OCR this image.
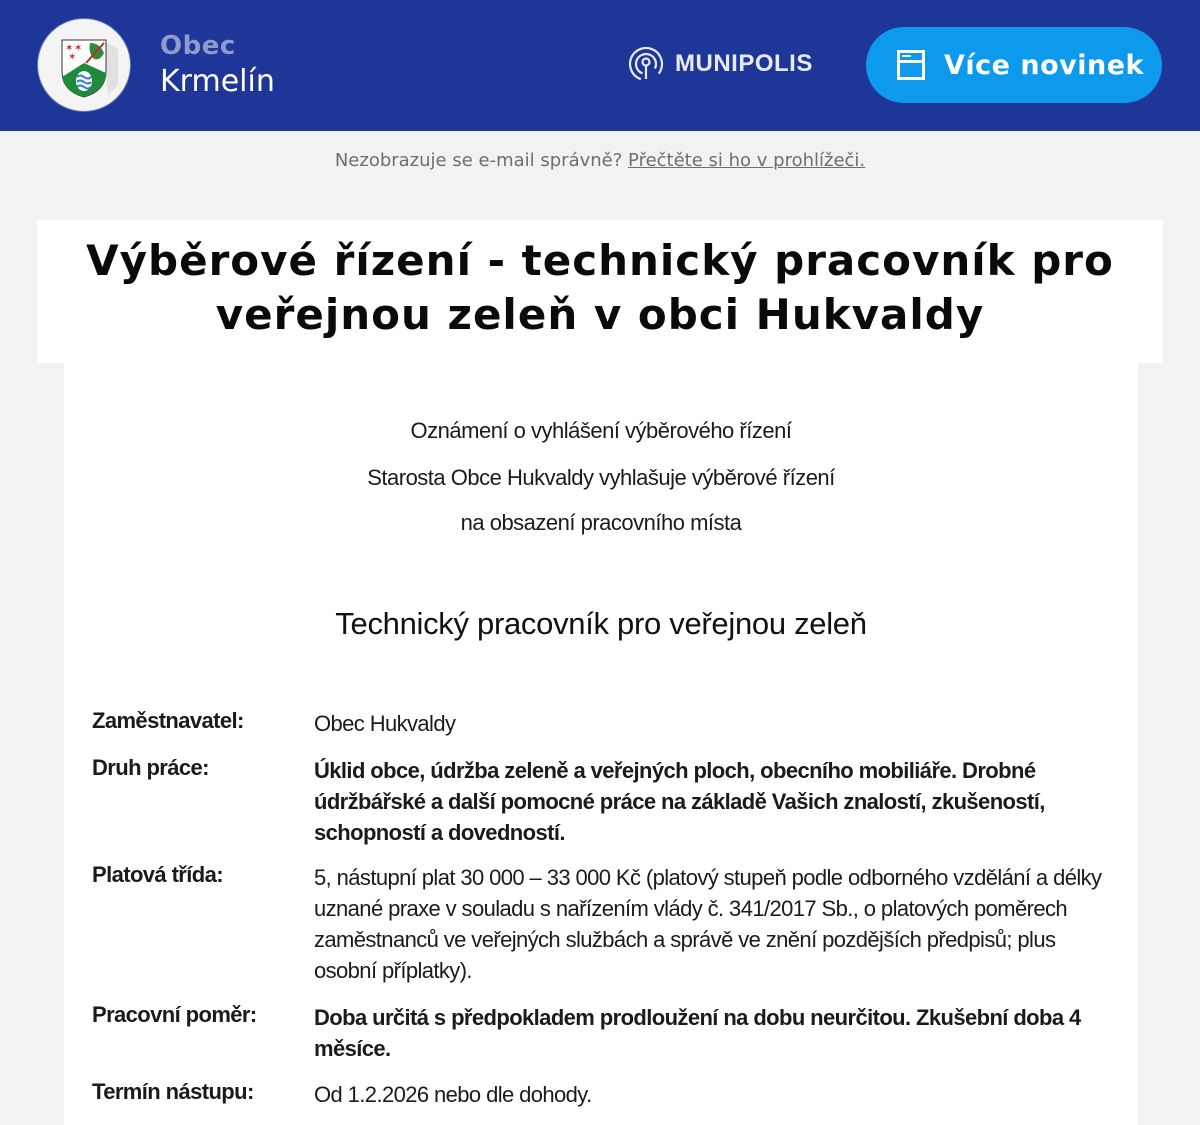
✶ ✶
✶	Obec
Krmelín
MUNIPOLIS	Více novinek
Nezobrazuje se e-mail správně? Přečtěte si ho v prohlížeči.
Výběrové řízení - technický pracovník pro veřejnou zeleň v obci Hukvaldy
Oznámení o vyhlášení výběrového řízení
Starosta Obce Hukvaldy vyhlašuje výběrové řízení
na obsazení pracovního místa
Technický pracovník pro veřejnou zeleň
Zaměstnavatel:	Obec Hukvaldy
Druh práce:	Úklid obce, údržba zeleně a veřejných ploch, obecního mobiliáře. Drobné údržbářské a další pomocné práce na základě Vašich znalostí, zkušeností, schopností a dovedností.
Platová třída:	5, nástupní plat 30 000 – 33 000 Kč (platový stupeň podle odborného vzdělání a délky uznané praxe v souladu s nařízením vlády č. 341/2017 Sb., o platových poměrech zaměstnanců ve veřejných službách a správě ve znění pozdějších předpisů; plus osobní příplatky).
Pracovní poměr:	Doba určitá s předpokladem prodloužení na dobu neurčitou. Zkušební doba 4 měsíce.
Termín nástupu:	Od 1.2.2026 nebo dle dohody.
